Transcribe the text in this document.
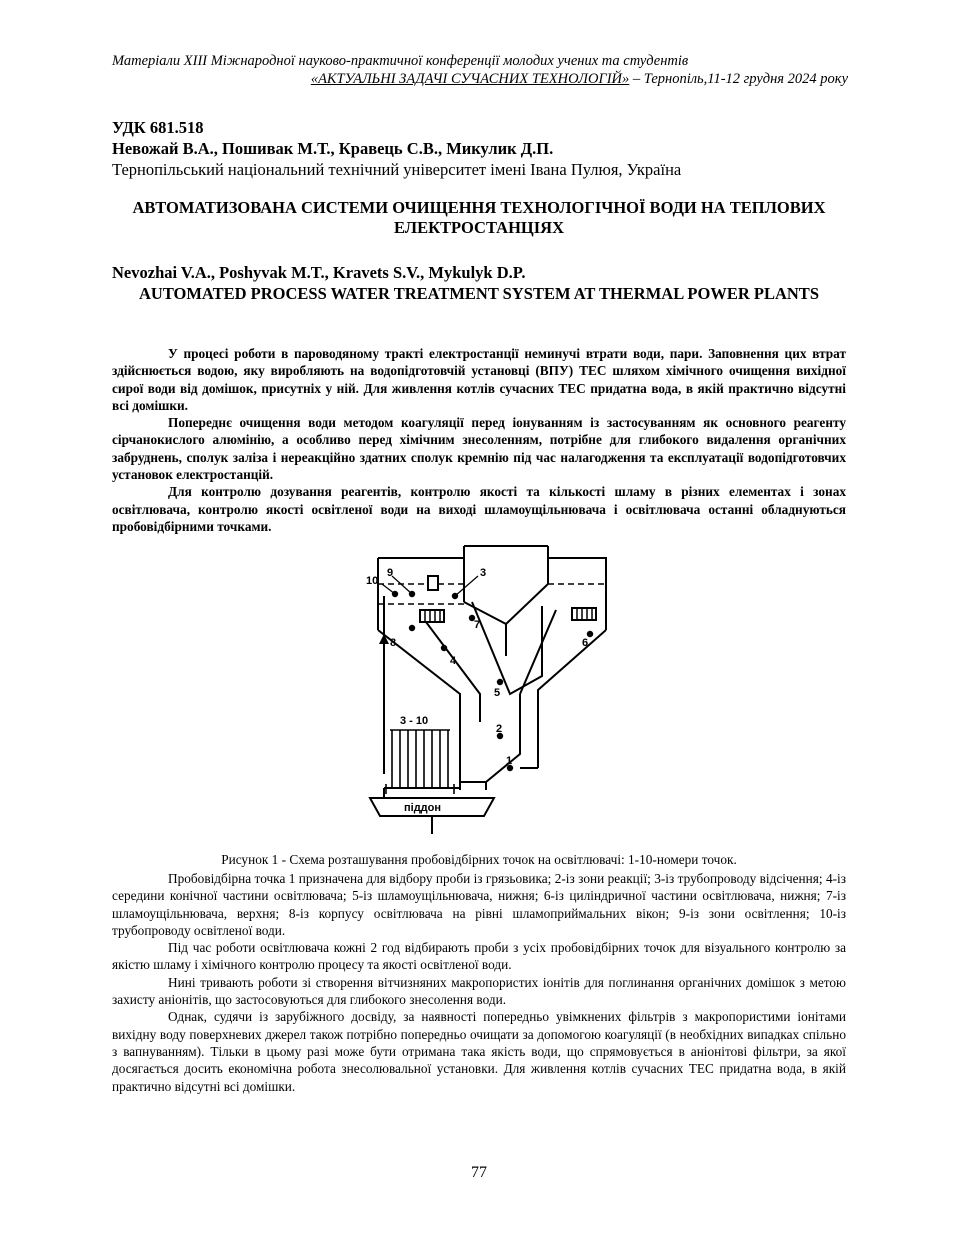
Матеріали XIII Міжнародної науково-практичної конференції молодих учених та студентів
«АКТУАЛЬНІ ЗАДАЧІ СУЧАСНИХ ТЕХНОЛОГІЙ» – Тернопіль,11-12 грудня 2024 року
УДК 681.518
Невожай В.А., Пошивак М.Т., Кравець С.В., Микулик Д.П.
Тернопільський національний технічний університет імені Івана Пулюя, Україна
АВТОМАТИЗОВАНА СИСТЕМИ ОЧИЩЕННЯ ТЕХНОЛОГІЧНОЇ ВОДИ НА ТЕПЛОВИХ ЕЛЕКТРОСТАНЦІЯХ
Nevozhai V.A., Poshyvak M.T., Kravets S.V., Mykulyk D.P.
AUTOMATED PROCESS WATER TREATMENT SYSTEM AT THERMAL POWER PLANTS

У процесі роботи в пароводяному тракті електростанції неминучі втрати води, пари. Заповнення цих втрат здійснюється водою, яку виробляють на водопідготовчій установці (ВПУ) ТЕС шляхом хімічного очищення вихідної сирої води від домішок, присутніх у ній. Для живлення котлів сучасних ТЕС придатна вода, в якій практично відсутні всі домішки.

Попереднє очищення води методом коагуляції перед іонуванням із застосуванням як основного реагенту сірчанокислого алюмінію, а особливо перед хімічним знесоленням, потрібне для глибокого видалення органічних забруднень, сполук заліза і нереакційно здатних сполук кремнію під час налагодження та експлуатації водопідготовчих установок електростанцій.

Для контролю дозування реагентів, контролю якості та кількості шламу в різних елементах і зонах освітлювача, контролю якості освітленої води на виході шламоущільнювача і освітлювача останні обладнуються пробовідбірними точками.

10
9	3
8
4
7
5
6
2
1
3 - 10
піддон
Рисунок 1 - Схема розташування пробовідбірних точок на освітлювачі: 1-10-номери точок.

Пробовідбірна точка 1 призначена для відбору проби із грязьовика; 2-із зони реакції; 3-із трубопроводу відсічення; 4-із середини конічної частини освітлювача; 5-із шламоущільнювача, нижня; 6-із циліндричної частини освітлювача, нижня; 7-із шламоущільнювача, верхня; 8-із корпусу освітлювача на рівні шламоприймальних вікон; 9-із зони освітлення; 10-із трубопроводу освітленої води.

Під час роботи освітлювача кожні 2 год відбирають проби з усіх пробовідбірних точок для візуального контролю за якістю шламу і хімічного контролю процесу та якості освітленої води.

Нині тривають роботи зі створення вітчизняних макропористих іонітів для поглинання органічних домішок з метою захисту аніонітів, що застосовуються для глибокого знесолення води.

Однак, судячи із зарубіжного досвіду, за наявності попередньо увімкнених фільтрів з макропористими іонітами вихідну воду поверхневих джерел також потрібно попередньо очищати за допомогою коагуляції (в необхідних випадках спільно з вапнуванням). Тільки в цьому разі може бути отримана така якість води, що спрямовується в аніонітові фільтри, за якої досягається досить економічна робота знесолювальної установки. Для живлення котлів сучасних ТЕС придатна вода, в якій практично відсутні всі домішки.

77
